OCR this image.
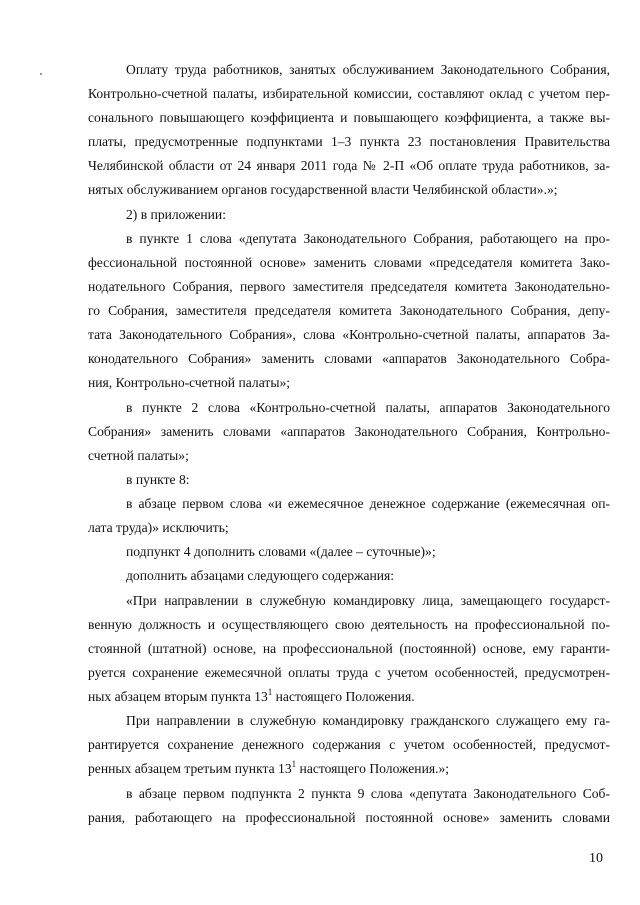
Оплату труда работников, занятых обслуживанием Законодательного Собрания,
Контрольно-счетной палаты, избирательной комиссии, составляют оклад с учетом пер-
сонального повышающего коэффициента и повышающего коэффициента, а также вы-
платы, предусмотренные подпунктами 1–3 пункта 23 постановления Правительства
Челябинской области от 24 января 2011 года № 2-П «Об оплате труда работников, за-
нятых обслуживанием органов государственной власти Челябинской области».»;
2) в приложении:
в пункте 1 слова «депутата Законодательного Собрания, работающего на про-
фессиональной постоянной основе» заменить словами «председателя комитета Зако-
нодательного Собрания, первого заместителя председателя комитета Законодательно-
го Собрания, заместителя председателя комитета Законодательного Собрания, депу-
тата Законодательного Собрания», слова «Контрольно-счетной палаты, аппаратов За-
конодательного Собрания» заменить словами «аппаратов Законодательного Собра-
ния, Контрольно-счетной палаты»;
в пункте 2 слова «Контрольно-счетной палаты, аппаратов Законодательного
Собрания» заменить словами «аппаратов Законодательного Собрания, Контрольно-
счетной палаты»;
в пункте 8:
в абзаце первом слова «и ежемесячное денежное содержание (ежемесячная оп-
лата труда)» исключить;
подпункт 4 дополнить словами «(далее – суточные)»;
дополнить абзацами следующего содержания:
«При направлении в служебную командировку лица, замещающего государст-
венную должность и осуществляющего свою деятельность на профессиональной по-
стоянной (штатной) основе, на профессиональной (постоянной) основе, ему гаранти-
руется сохранение ежемесячной оплаты труда с учетом особенностей, предусмотрен-
ных абзацем вторым пункта $13^1$ настоящего Положения.
При направлении в служебную командировку гражданского служащего ему га-
рантируется сохранение денежного содержания с учетом особенностей, предусмот-
ренных абзацем третьим пункта $13^1$ настоящего Положения.»;
в абзаце первом подпункта 2 пункта 9 слова «депутата Законодательного Соб-
рания, работающего на профессиональной постоянной основе» заменить словами
10
